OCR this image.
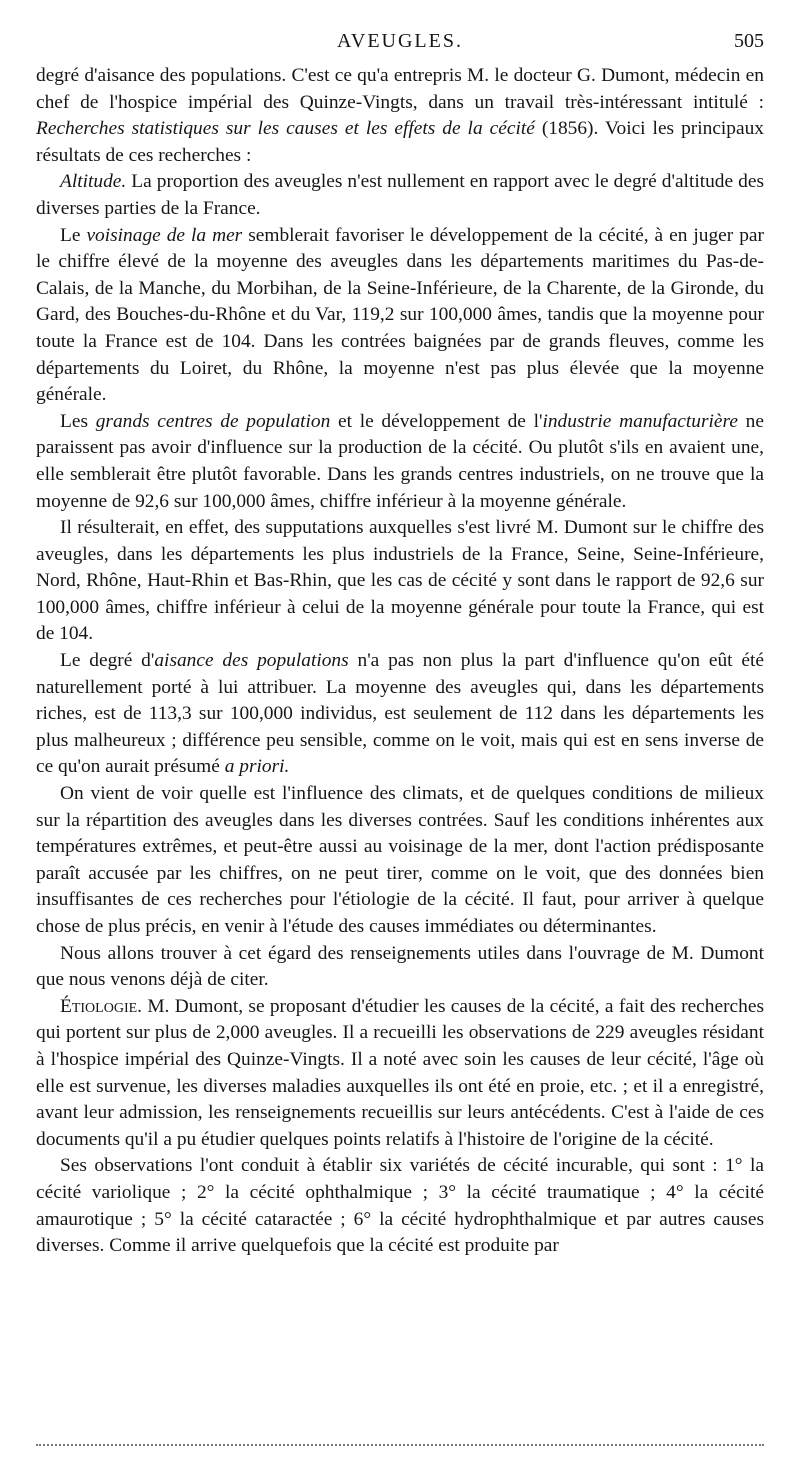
AVEUGLES.	505

degré d'aisance des populations. C'est ce qu'a entrepris M. le docteur G. Dumont, médecin en chef de l'hospice impérial des Quinze-Vingts, dans un travail très-intéressant intitulé : Recherches statistiques sur les causes et les effets de la cécité (1856). Voici les principaux résultats de ces recherches :

Altitude. La proportion des aveugles n'est nullement en rapport avec le degré d'altitude des diverses parties de la France.

Le voisinage de la mer semblerait favoriser le développement de la cécité, à en juger par le chiffre élevé de la moyenne des aveugles dans les départements maritimes du Pas-de-Calais, de la Manche, du Morbihan, de la Seine-Inférieure, de la Charente, de la Gironde, du Gard, des Bouches-du-Rhône et du Var, 119,2 sur 100,000 âmes, tandis que la moyenne pour toute la France est de 104. Dans les contrées baignées par de grands fleuves, comme les départements du Loiret, du Rhône, la moyenne n'est pas plus élevée que la moyenne générale.

Les grands centres de population et le développement de l'industrie manufacturière ne paraissent pas avoir d'influence sur la production de la cécité. Ou plutôt s'ils en avaient une, elle semblerait être plutôt favorable. Dans les grands centres industriels, on ne trouve que la moyenne de 92,6 sur 100,000 âmes, chiffre inférieur à la moyenne générale.

Il résulterait, en effet, des supputations auxquelles s'est livré M. Dumont sur le chiffre des aveugles, dans les départements les plus industriels de la France, Seine, Seine-Inférieure, Nord, Rhône, Haut-Rhin et Bas-Rhin, que les cas de cécité y sont dans le rapport de 92,6 sur 100,000 âmes, chiffre inférieur à celui de la moyenne générale pour toute la France, qui est de 104.

Le degré d'aisance des populations n'a pas non plus la part d'influence qu'on eût été naturellement porté à lui attribuer. La moyenne des aveugles qui, dans les départements riches, est de 113,3 sur 100,000 individus, est seulement de 112 dans les départements les plus malheureux ; différence peu sensible, comme on le voit, mais qui est en sens inverse de ce qu'on aurait présumé a priori.

On vient de voir quelle est l'influence des climats, et de quelques conditions de milieux sur la répartition des aveugles dans les diverses contrées. Sauf les conditions inhérentes aux températures extrêmes, et peut-être aussi au voisinage de la mer, dont l'action prédisposante paraît accusée par les chiffres, on ne peut tirer, comme on le voit, que des données bien insuffisantes de ces recherches pour l'étiologie de la cécité. Il faut, pour arriver à quelque chose de plus précis, en venir à l'étude des causes immédiates ou déterminantes.

Nous allons trouver à cet égard des renseignements utiles dans l'ouvrage de M. Dumont que nous venons déjà de citer.

Étiologie. M. Dumont, se proposant d'étudier les causes de la cécité, a fait des recherches qui portent sur plus de 2,000 aveugles. Il a recueilli les observations de 229 aveugles résidant à l'hospice impérial des Quinze-Vingts. Il a noté avec soin les causes de leur cécité, l'âge où elle est survenue, les diverses maladies auxquelles ils ont été en proie, etc. ; et il a enregistré, avant leur admission, les renseignements recueillis sur leurs antécédents. C'est à l'aide de ces documents qu'il a pu étudier quelques points relatifs à l'histoire de l'origine de la cécité.

Ses observations l'ont conduit à établir six variétés de cécité incurable, qui sont : 1° la cécité variolique ; 2° la cécité ophthalmique ; 3° la cécité traumatique ; 4° la cécité amaurotique ; 5° la cécité cataractée ; 6° la cécité hydrophthalmique et par autres causes diverses. Comme il arrive quelquefois que la cécité est produite par
